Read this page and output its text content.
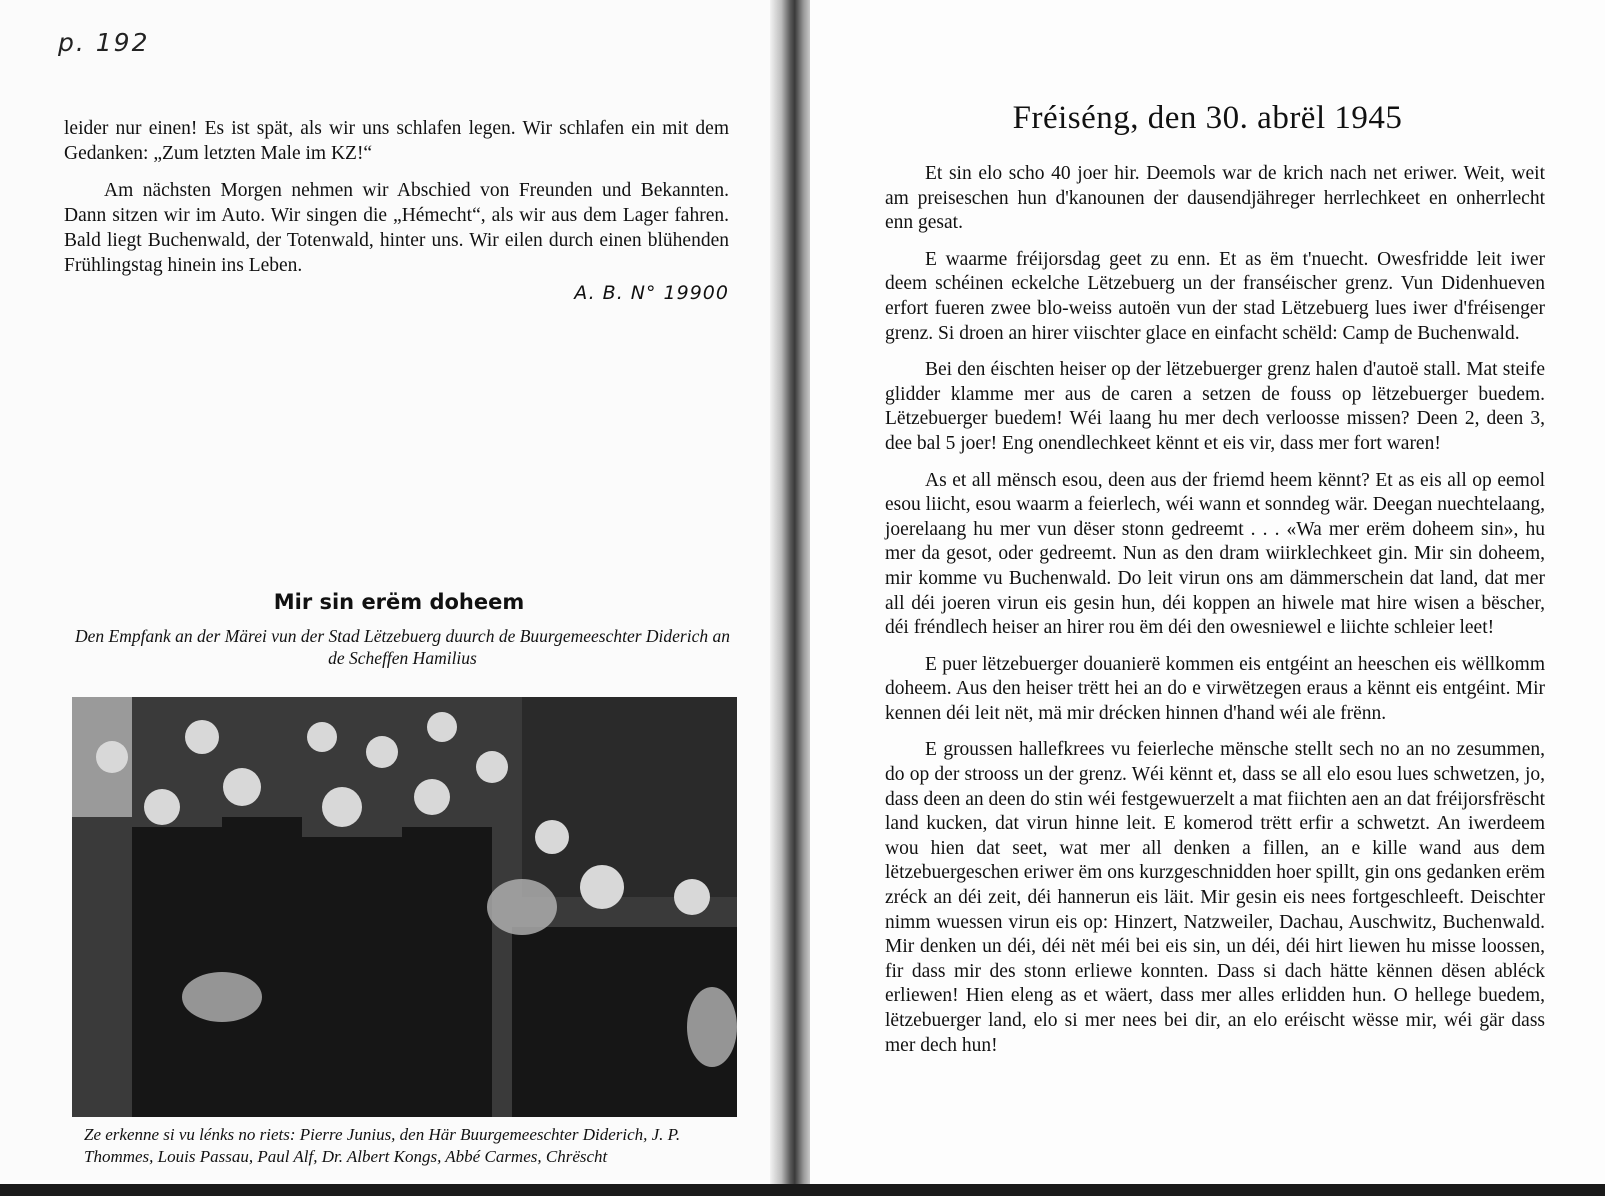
p. 192

leider nur einen! Es ist spät, als wir uns schlafen legen. Wir schlafen ein mit dem Gedanken: „Zum letzten Male im KZ!“

Am nächsten Morgen nehmen wir Abschied von Freunden und Bekannten. Dann sitzen wir im Auto. Wir singen die „Hémecht“, als wir aus dem Lager fahren. Bald liegt Buchenwald, der Totenwald, hinter uns. Wir eilen durch einen blühenden Frühlingstag hinein ins Leben.

A. B. N° 19900
Mir sin erëm doheem
Den Empfank an der Märei vun der Stad Lëtzebuerg duurch de Buurgemeeschter Diderich an de Scheffen Hamilius
Ze erkenne si vu lénks no riets: Pierre Junius, den Här Buurgemeeschter Diderich, J. P. Thommes, Louis Passau, Paul Alf, Dr. Albert Kongs, Abbé Carmes, Chrëscht
Fréiséng, den 30. abrël 1945

Et sin elo scho 40 joer hir. Deemols war de krich nach net eriwer. Weit, weit am preiseschen hun d'kanounen der dausendjähreger herrlechkeet en onherrlecht enn gesat.

E waarme fréijorsdag geet zu enn. Et as ëm t'nuecht. Owesfridde leit iwer deem schéinen eckelche Lëtzebuerg un der franséischer grenz. Vun Didenhueven erfort fueren zwee blo-weiss autoën vun der stad Lëtzebuerg lues iwer d'fréisenger grenz. Si droen an hirer viischter glace en einfacht schëld: Camp de Buchenwald.

Bei den éischten heiser op der lëtzebuerger grenz halen d'autoë stall. Mat steife glidder klamme mer aus de caren a setzen de fouss op lëtzebuerger buedem. Lëtzebuerger buedem! Wéi laang hu mer dech verloosse missen? Deen 2, deen 3, dee bal 5 joer! Eng onendlechkeet kënnt et eis vir, dass mer fort waren!

As et all mënsch esou, deen aus der friemd heem kënnt? Et as eis all op eemol esou liicht, esou waarm a feierlech, wéi wann et sonndeg wär. Deegan nuechtelaang, joerelaang hu mer vun dëser stonn gedreemt . . . «Wa mer erëm doheem sin», hu mer da gesot, oder gedreemt. Nun as den dram wiirklechkeet gin. Mir sin doheem, mir komme vu Buchenwald. Do leit virun ons am dämmerschein dat land, dat mer all déi joeren virun eis gesin hun, déi koppen an hiwele mat hire wisen a bëscher, déi fréndlech heiser an hirer rou ëm déi den owesniewel e liichte schleier leet!

E puer lëtzebuerger douanierë kommen eis entgéint an heeschen eis wëllkomm doheem. Aus den heiser trëtt hei an do e virwëtzegen eraus a kënnt eis entgéint. Mir kennen déi leit nët, mä mir drécken hinnen d'hand wéi ale frënn.

E groussen hallefkrees vu feierleche mënsche stellt sech no an no zesummen, do op der strooss un der grenz. Wéi kënnt et, dass se all elo esou lues schwetzen, jo, dass deen an deen do stin wéi festgewuerzelt a mat fiichten aen an dat fréijorsfrëscht land kucken, dat virun hinne leit. E komerod trëtt erfir a schwetzt. An iwerdeem wou hien dat seet, wat mer all denken a fillen, an e kille wand aus dem lëtzebuergeschen eriwer ëm ons kurzgeschnidden hoer spillt, gin ons gedanken erëm zréck an déi zeit, déi hannerun eis läit. Mir gesin eis nees fortgeschleeft. Deischter nimm wuessen virun eis op: Hinzert, Natzweiler, Dachau, Auschwitz, Buchenwald. Mir denken un déi, déi nët méi bei eis sin, un déi, déi hirt liewen hu misse loossen, fir dass mir des stonn erliewe konnten. Dass si dach hätte kënnen dësen abléck erliewen! Hien eleng as et wäert, dass mer alles erlidden hun. O hellege buedem, lëtzebuerger land, elo si mer nees bei dir, an elo eréischt wësse mir, wéi gär dass mer dech hun!
